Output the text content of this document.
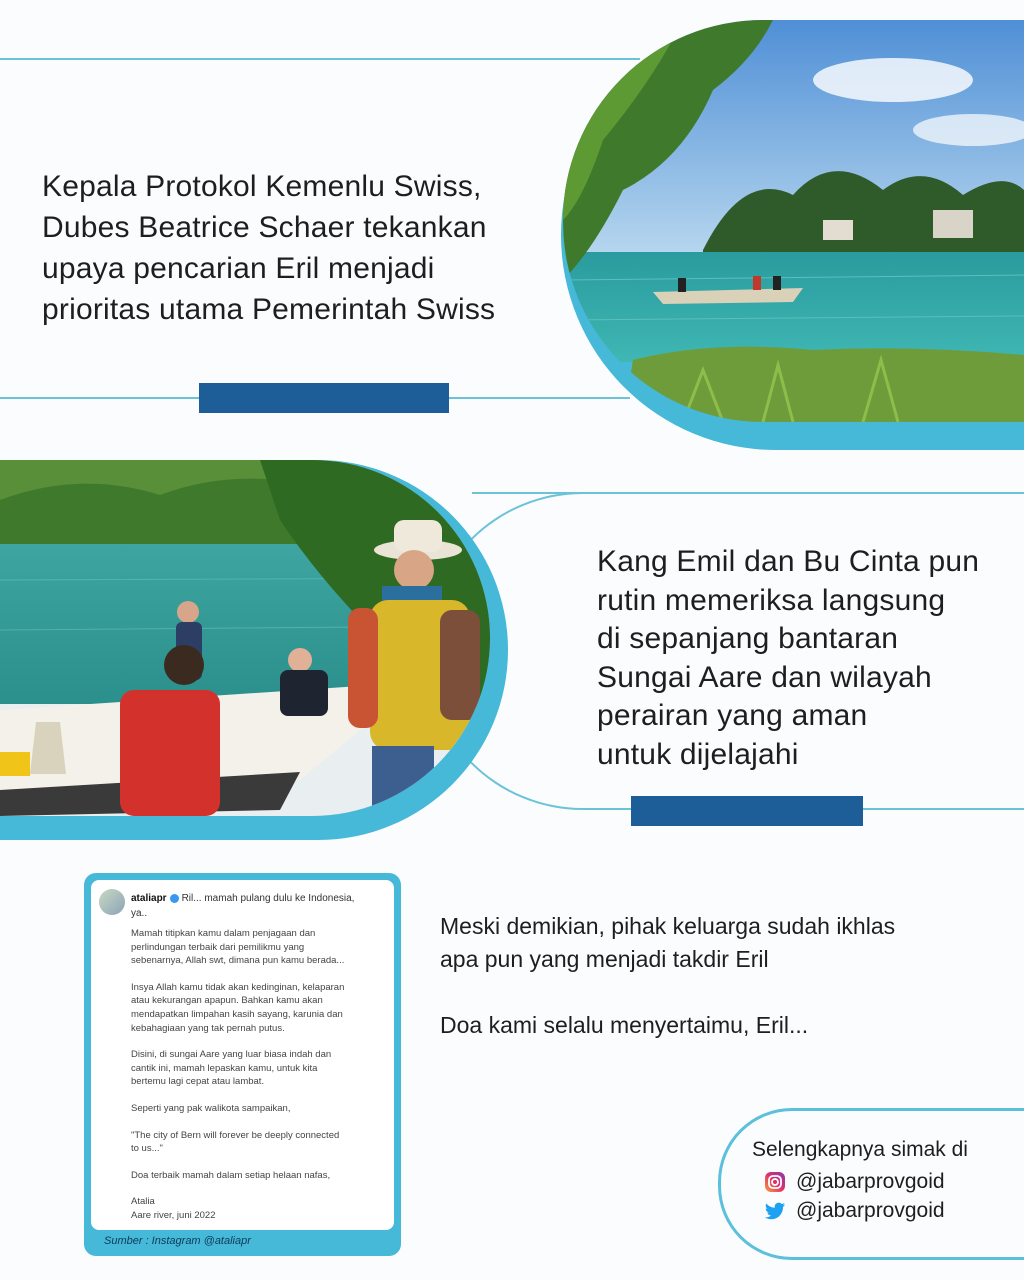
Kepala Protokol Kemenlu Swiss,
Dubes Beatrice Schaer tekankan
upaya pencarian Eril menjadi
prioritas utama Pemerintah Swiss
Kang Emil dan Bu Cinta pun
rutin memeriksa langsung
di sepanjang bantaran
Sungai Aare dan wilayah
perairan yang aman
untuk dijelajahi
ataliapr Ril... mamah pulang dulu ke Indonesia,
ya..

Mamah titipkan kamu dalam penjagaan dan
perlindungan terbaik dari pemilikmu yang
sebenarnya, Allah swt, dimana pun kamu berada...

Insya Allah kamu tidak akan kedinginan, kelaparan
atau kekurangan apapun. Bahkan kamu akan
mendapatkan limpahan kasih sayang, karunia dan
kebahagiaan yang tak pernah putus.

Disini, di sungai Aare yang luar biasa indah dan
cantik ini, mamah lepaskan kamu, untuk kita
bertemu lagi cepat atau lambat.

Seperti yang pak walikota sampaikan,

"The city of Bern will forever be deeply connected
to us..."

Doa terbaik mamah dalam setiap helaan nafas,

Atalia
Aare river, juni 2022

Sumber : Instagram @ataliapr
Meski demikian, pihak keluarga sudah ikhlas
apa pun yang menjadi takdir Eril
Doa kami selalu menyertaimu, Eril...
Selengkapnya simak di
@jabarprovgoid
@jabarprovgoid
